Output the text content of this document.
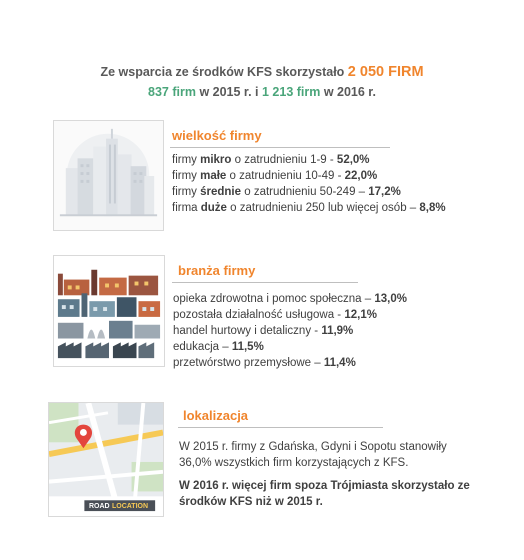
Ze wsparcia ze środków KFS skorzystało 2 050 FIRM
837 firm w 2015 r. i 1 213 firm w 2016 r.
wielkość firmy
firmy mikro o zatrudnieniu 1-9 - 52,0%
firmy małe o zatrudnieniu 10-49 - 22,0%
firmy średnie o zatrudnieniu 50-249 – 17,2%
firma duże o zatrudnieniu 250 lub więcej osób – 8,8%
branża firmy
opieka zdrowotna i pomoc społeczna – 13,0%
pozostała działalność usługowa - 12,1%
handel hurtowy i detaliczny - 11,9%
edukacja – 11,5%
przetwórstwo przemysłowe – 11,4%
ROAD LOCATION
lokalizacja
W 2015 r. firmy z Gdańska, Gdyni i Sopotu stanowiły 36,0% wszystkich firm korzystających z KFS.
W 2016 r. więcej firm spoza Trójmiasta skorzystało ze środków KFS niż w 2015 r.
